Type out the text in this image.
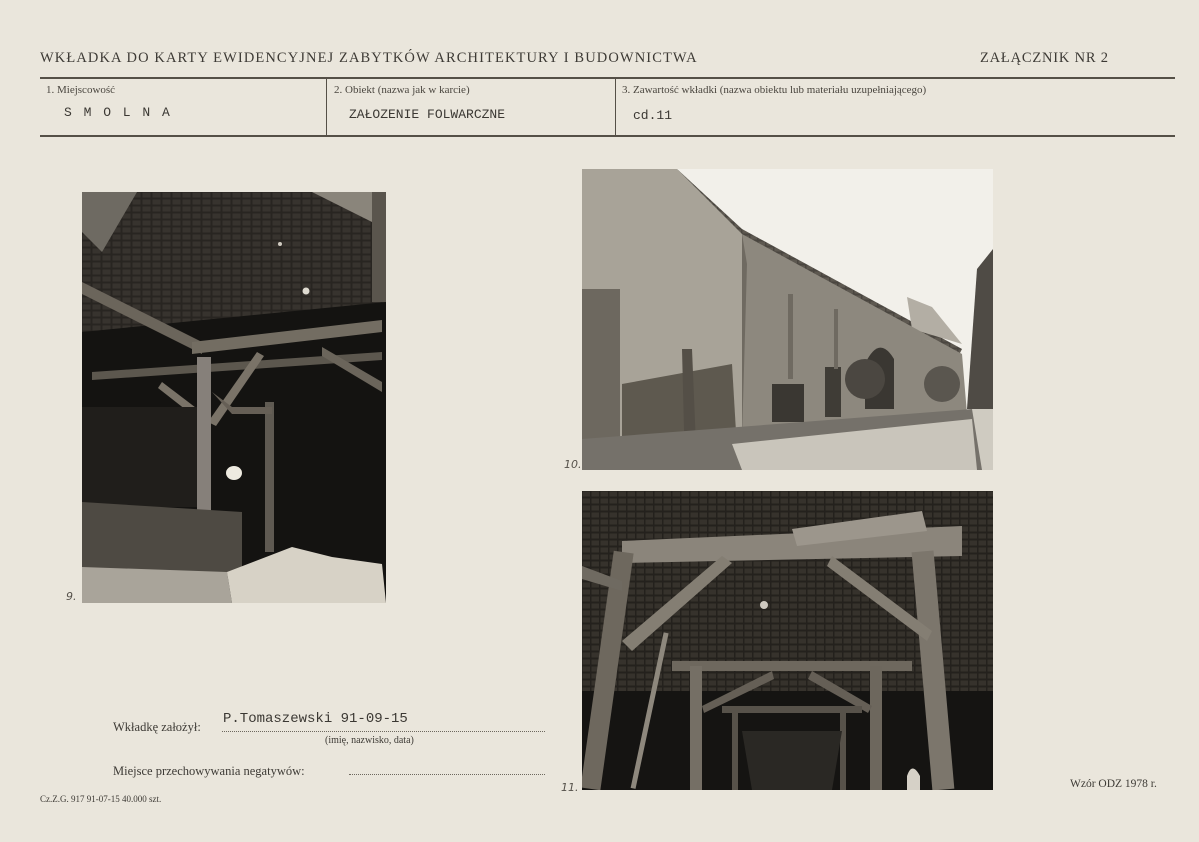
WKŁADKA DO KARTY EWIDENCYJNEJ ZABYTKÓW ARCHITEKTURY I BUDOWNICTWA	ZAŁĄCZNIK NR 2
1. Miejscowość
S M O L N A
2. Obiekt (nazwa jak w karcie)
ZAŁOZENIE FOLWARCZNE
3. Zawartość wkładki (nazwa obiektu lub materiału uzupełniającego)
cd.11
9.
10.
11.
Wkładkę założył: P.Tomaszewski 91-09-15
(imię, nazwisko, data)
Miejsce przechowywania negatywów:
Cz.Z.G. 917 91-07-15 40.000 szt.
Wzór ODZ 1978 r.
